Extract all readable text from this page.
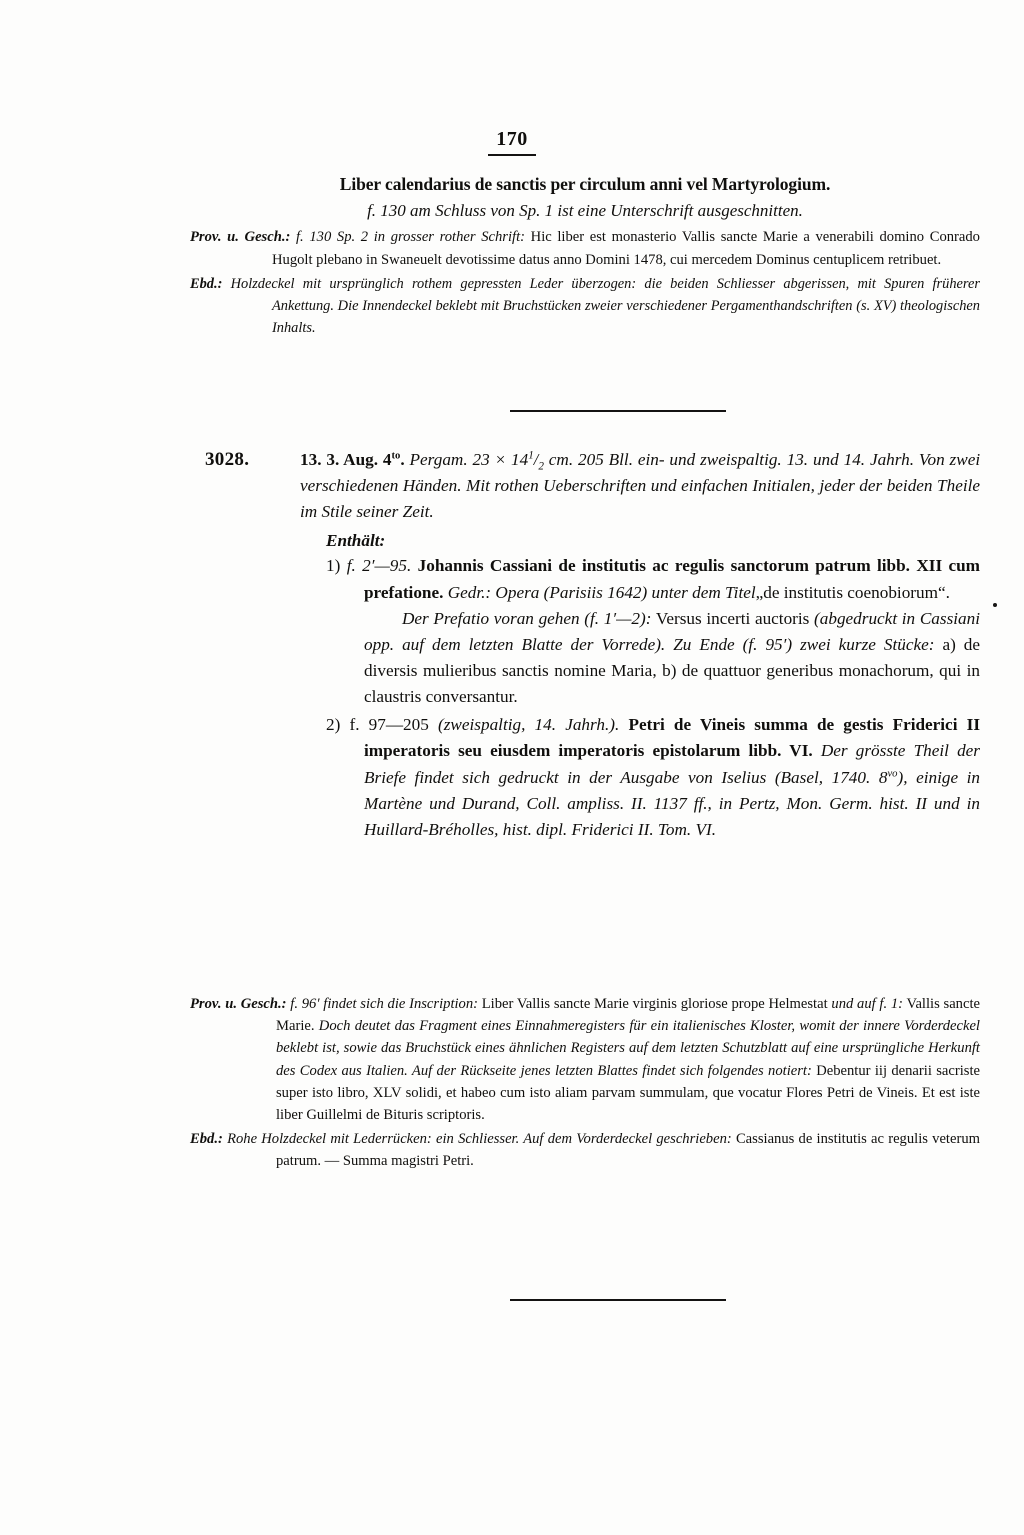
170

Liber calendarius de sanctis per circulum anni vel Martyrologium.

f. 130 am Schluss von Sp. 1 ist eine Unterschrift ausgeschnitten.

Prov. u. Gesch.: f. 130 Sp. 2 in grosser rother Schrift: Hic liber est monasterio Vallis sancte Marie a venerabili domino Conrado Hugolt plebano in Swaneuelt devotissime datus anno Domini 1478, cui mercedem Dominus centuplicem retribuet.

Ebd.: Holzdeckel mit ursprünglich rothem gepressten Leder überzogen: die beiden Schliesser abgerissen, mit Spuren früherer Ankettung. Die Innendeckel beklebt mit Bruchstücken zweier verschiedener Pergamenthandschriften (s. XV) theologischen Inhalts.

3028.	13. 3. Aug. $4^{to}$. Pergam. $23 \times 14^1/_2$ cm. 205 Bll. ein- und zweispaltig. 13. und 14. Jahrh. Von zwei verschiedenen Händen. Mit rothen Ueberschriften und einfachen Initialen, jeder der beiden Theile im Stile seiner Zeit.

Enthält:

1) f. 2′—95. Johannis Cassiani de institutis ac regulis sanctorum patrum libb. XII cum prefatione. Gedr.: Opera (Parisiis 1642) unter dem Titel„de institutis coenobiorum“.
Der Prefatio voran gehen (f. 1′—2): Versus incerti auctoris (abgedruckt in Cassiani opp. auf dem letzten Blatte der Vorrede). Zu Ende (f. 95′) zwei kurze Stücke: a) de diversis mulieribus sanctis nomine Maria, b) de quattuor generibus monachorum, qui in claustris conversantur.

2) f. 97—205 (zweispaltig, 14. Jahrh.). Petri de Vineis summa de gestis Friderici II imperatoris seu eiusdem imperatoris epistolarum libb. VI. Der grösste Theil der Briefe findet sich gedruckt in der Ausgabe von Iselius (Basel, 1740. $8^{vo}$), einige in Martène und Durand, Coll. ampliss. II. 1137 ff., in Pertz, Mon. Germ. hist. II und in Huillard-Bréholles, hist. dipl. Friderici II. Tom. VI.

Prov. u. Gesch.: f. 96′ findet sich die Inscription: Liber Vallis sancte Marie virginis gloriose prope Helmestat und auf f. 1: Vallis sancte Marie. Doch deutet das Fragment eines Einnahmeregisters für ein italienisches Kloster, womit der innere Vorderdeckel beklebt ist, sowie das Bruchstück eines ähnlichen Registers auf dem letzten Schutzblatt auf eine ursprüngliche Herkunft des Codex aus Italien. Auf der Rückseite jenes letzten Blattes findet sich folgendes notiert: Debentur iij denarii sacriste super isto libro, XLV solidi, et habeo cum isto aliam parvam summulam, que vocatur Flores Petri de Vineis. Et est iste liber Guillelmi de Bituris scriptoris.

Ebd.: Rohe Holzdeckel mit Lederrücken: ein Schliesser. Auf dem Vorderdeckel geschrieben: Cassianus de institutis ac regulis veterum patrum. — Summa magistri Petri.
